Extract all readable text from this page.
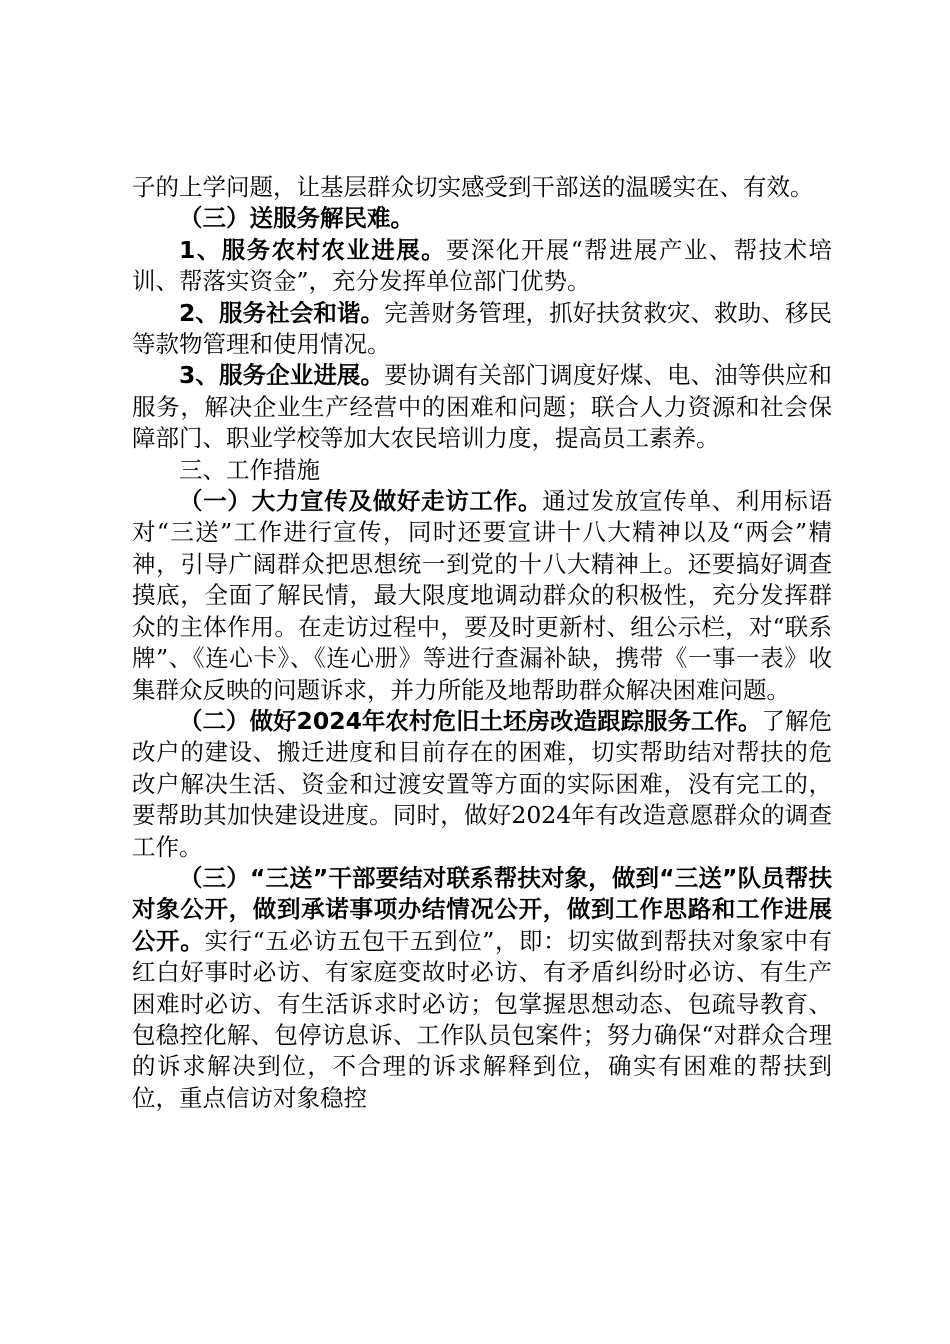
子的上学问题，让基层群众切实感受到干部送的温暖实在、有效。

（三）送服务解民难。

1、服务农村农业进展。要深化开展“帮进展产业、帮技术培训、帮落实资金”，充分发挥单位部门优势。

2、服务社会和谐。完善财务管理，抓好扶贫救灾、救助、移民等款物管理和使用情况。

3、服务企业进展。要协调有关部门调度好煤、电、油等供应和服务，解决企业生产经营中的困难和问题；联合人力资源和社会保障部门、职业学校等加大农民培训力度，提高员工素养。

三、工作措施

（一）大力宣传及做好走访工作。通过发放宣传单、利用标语对“三送”工作进行宣传，同时还要宣讲十八大精神以及“两会”精神，引导广阔群众把思想统一到党的十八大精神上。还要搞好调查摸底，全面了解民情，最大限度地调动群众的积极性，充分发挥群众的主体作用。在走访过程中，要及时更新村、组公示栏，对“联系牌”、《连心卡》、《连心册》等进行查漏补缺，携带《一事一表》收集群众反映的问题诉求，并力所能及地帮助群众解决困难问题。

（二）做好2024年农村危旧土坯房改造跟踪服务工作。了解危改户的建设、搬迁进度和目前存在的困难，切实帮助结对帮扶的危改户解决生活、资金和过渡安置等方面的实际困难，没有完工的，要帮助其加快建设进度。同时，做好2024年有改造意愿群众的调查工作。

（三）“三送”干部要结对联系帮扶对象，做到“三送”队员帮扶对象公开，做到承诺事项办结情况公开，做到工作思路和工作进展公开。实行“五必访五包干五到位”，即：切实做到帮扶对象家中有红白好事时必访、有家庭变故时必访、有矛盾纠纷时必访、有生产困难时必访、有生活诉求时必访；包掌握思想动态、包疏导教育、包稳控化解、包停访息诉、工作队员包案件；努力确保“对群众合理的诉求解决到位，不合理的诉求解释到位，确实有困难的帮扶到位，重点信访对象稳控
